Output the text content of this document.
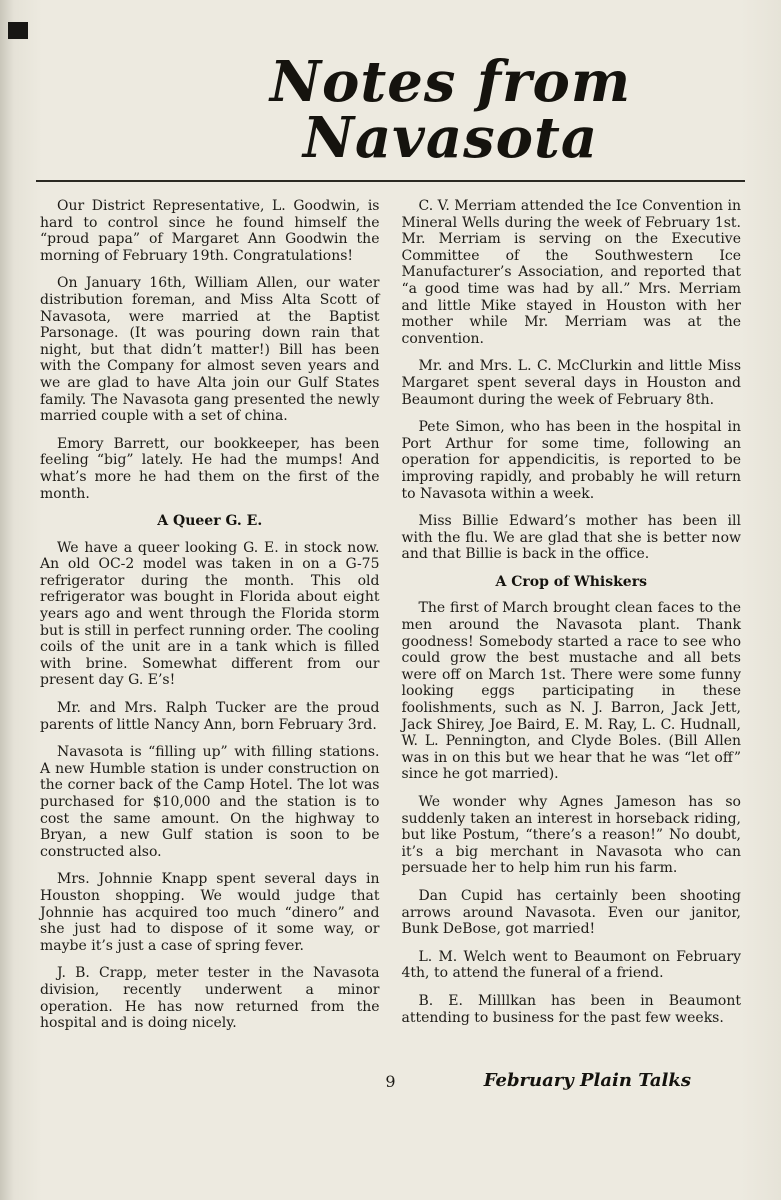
Notes from Navasota

Our District Representative, L. Goodwin, is hard to control since he found himself the “proud papa” of Margaret Ann Goodwin the morning of February 19th. Congratulations!

On January 16th, William Allen, our water distribution foreman, and Miss Alta Scott of Navasota, were married at the Baptist Parsonage. (It was pouring down rain that night, but that didn’t matter!) Bill has been with the Company for almost seven years and we are glad to have Alta join our Gulf States family. The Navasota gang presented the newly married couple with a set of china.

Emory Barrett, our bookkeeper, has been feeling “big” lately. He had the mumps! And what’s more he had them on the first of the month.

A Queer G. E.

We have a queer looking G. E. in stock now. An old OC-2 model was taken in on a G-75 refrigerator during the month. This old refrigerator was bought in Florida about eight years ago and went through the Florida storm but is still in perfect running order. The cooling coils of the unit are in a tank which is filled with brine. Somewhat different from our present day G. E’s!

Mr. and Mrs. Ralph Tucker are the proud parents of little Nancy Ann, born February 3rd.

Navasota is “filling up” with filling stations. A new Humble station is under construction on the corner back of the Camp Hotel. The lot was purchased for $10,000 and the station is to cost the same amount. On the highway to Bryan, a new Gulf station is soon to be constructed also.

Mrs. Johnnie Knapp spent several days in Houston shopping. We would judge that Johnnie has acquired too much “dinero” and she just had to dispose of it some way, or maybe it’s just a case of spring fever.

J. B. Crapp, meter tester in the Navasota division, recently underwent a minor operation. He has now returned from the hospital and is doing nicely.

C. V. Merriam attended the Ice Convention in Mineral Wells during the week of February 1st. Mr. Merriam is serving on the Executive Committee of the Southwestern Ice Manufacturer’s Association, and reported that “a good time was had by all.” Mrs. Merriam and little Mike stayed in Houston with her mother while Mr. Merriam was at the convention.

Mr. and Mrs. L. C. McClurkin and little Miss Margaret spent several days in Houston and Beaumont during the week of February 8th.

Pete Simon, who has been in the hospital in Port Arthur for some time, following an operation for appendicitis, is reported to be improving rapidly, and probably he will return to Navasota within a week.

Miss Billie Edward’s mother has been ill with the flu. We are glad that she is better now and that Billie is back in the office.

A Crop of Whiskers

The first of March brought clean faces to the men around the Navasota plant. Thank goodness! Somebody started a race to see who could grow the best mustache and all bets were off on March 1st. There were some funny looking eggs participating in these foolishments, such as N. J. Barron, Jack Jett, Jack Shirey, Joe Baird, E. M. Ray, L. C. Hudnall, W. L. Pennington, and Clyde Boles. (Bill Allen was in on this but we hear that he was “let off” since he got married).

We wonder why Agnes Jameson has so suddenly taken an interest in horseback riding, but like Postum, “there’s a reason!” No doubt, it’s a big merchant in Navasota who can persuade her to help him run his farm.

Dan Cupid has certainly been shooting arrows around Navasota. Even our janitor, Bunk DeBose, got married!

L. M. Welch went to Beaumont on February 4th, to attend the funeral of a friend.

B. E. Milllkan has been in Beaumont attending to business for the past few weeks.

9	February Plain Talks
